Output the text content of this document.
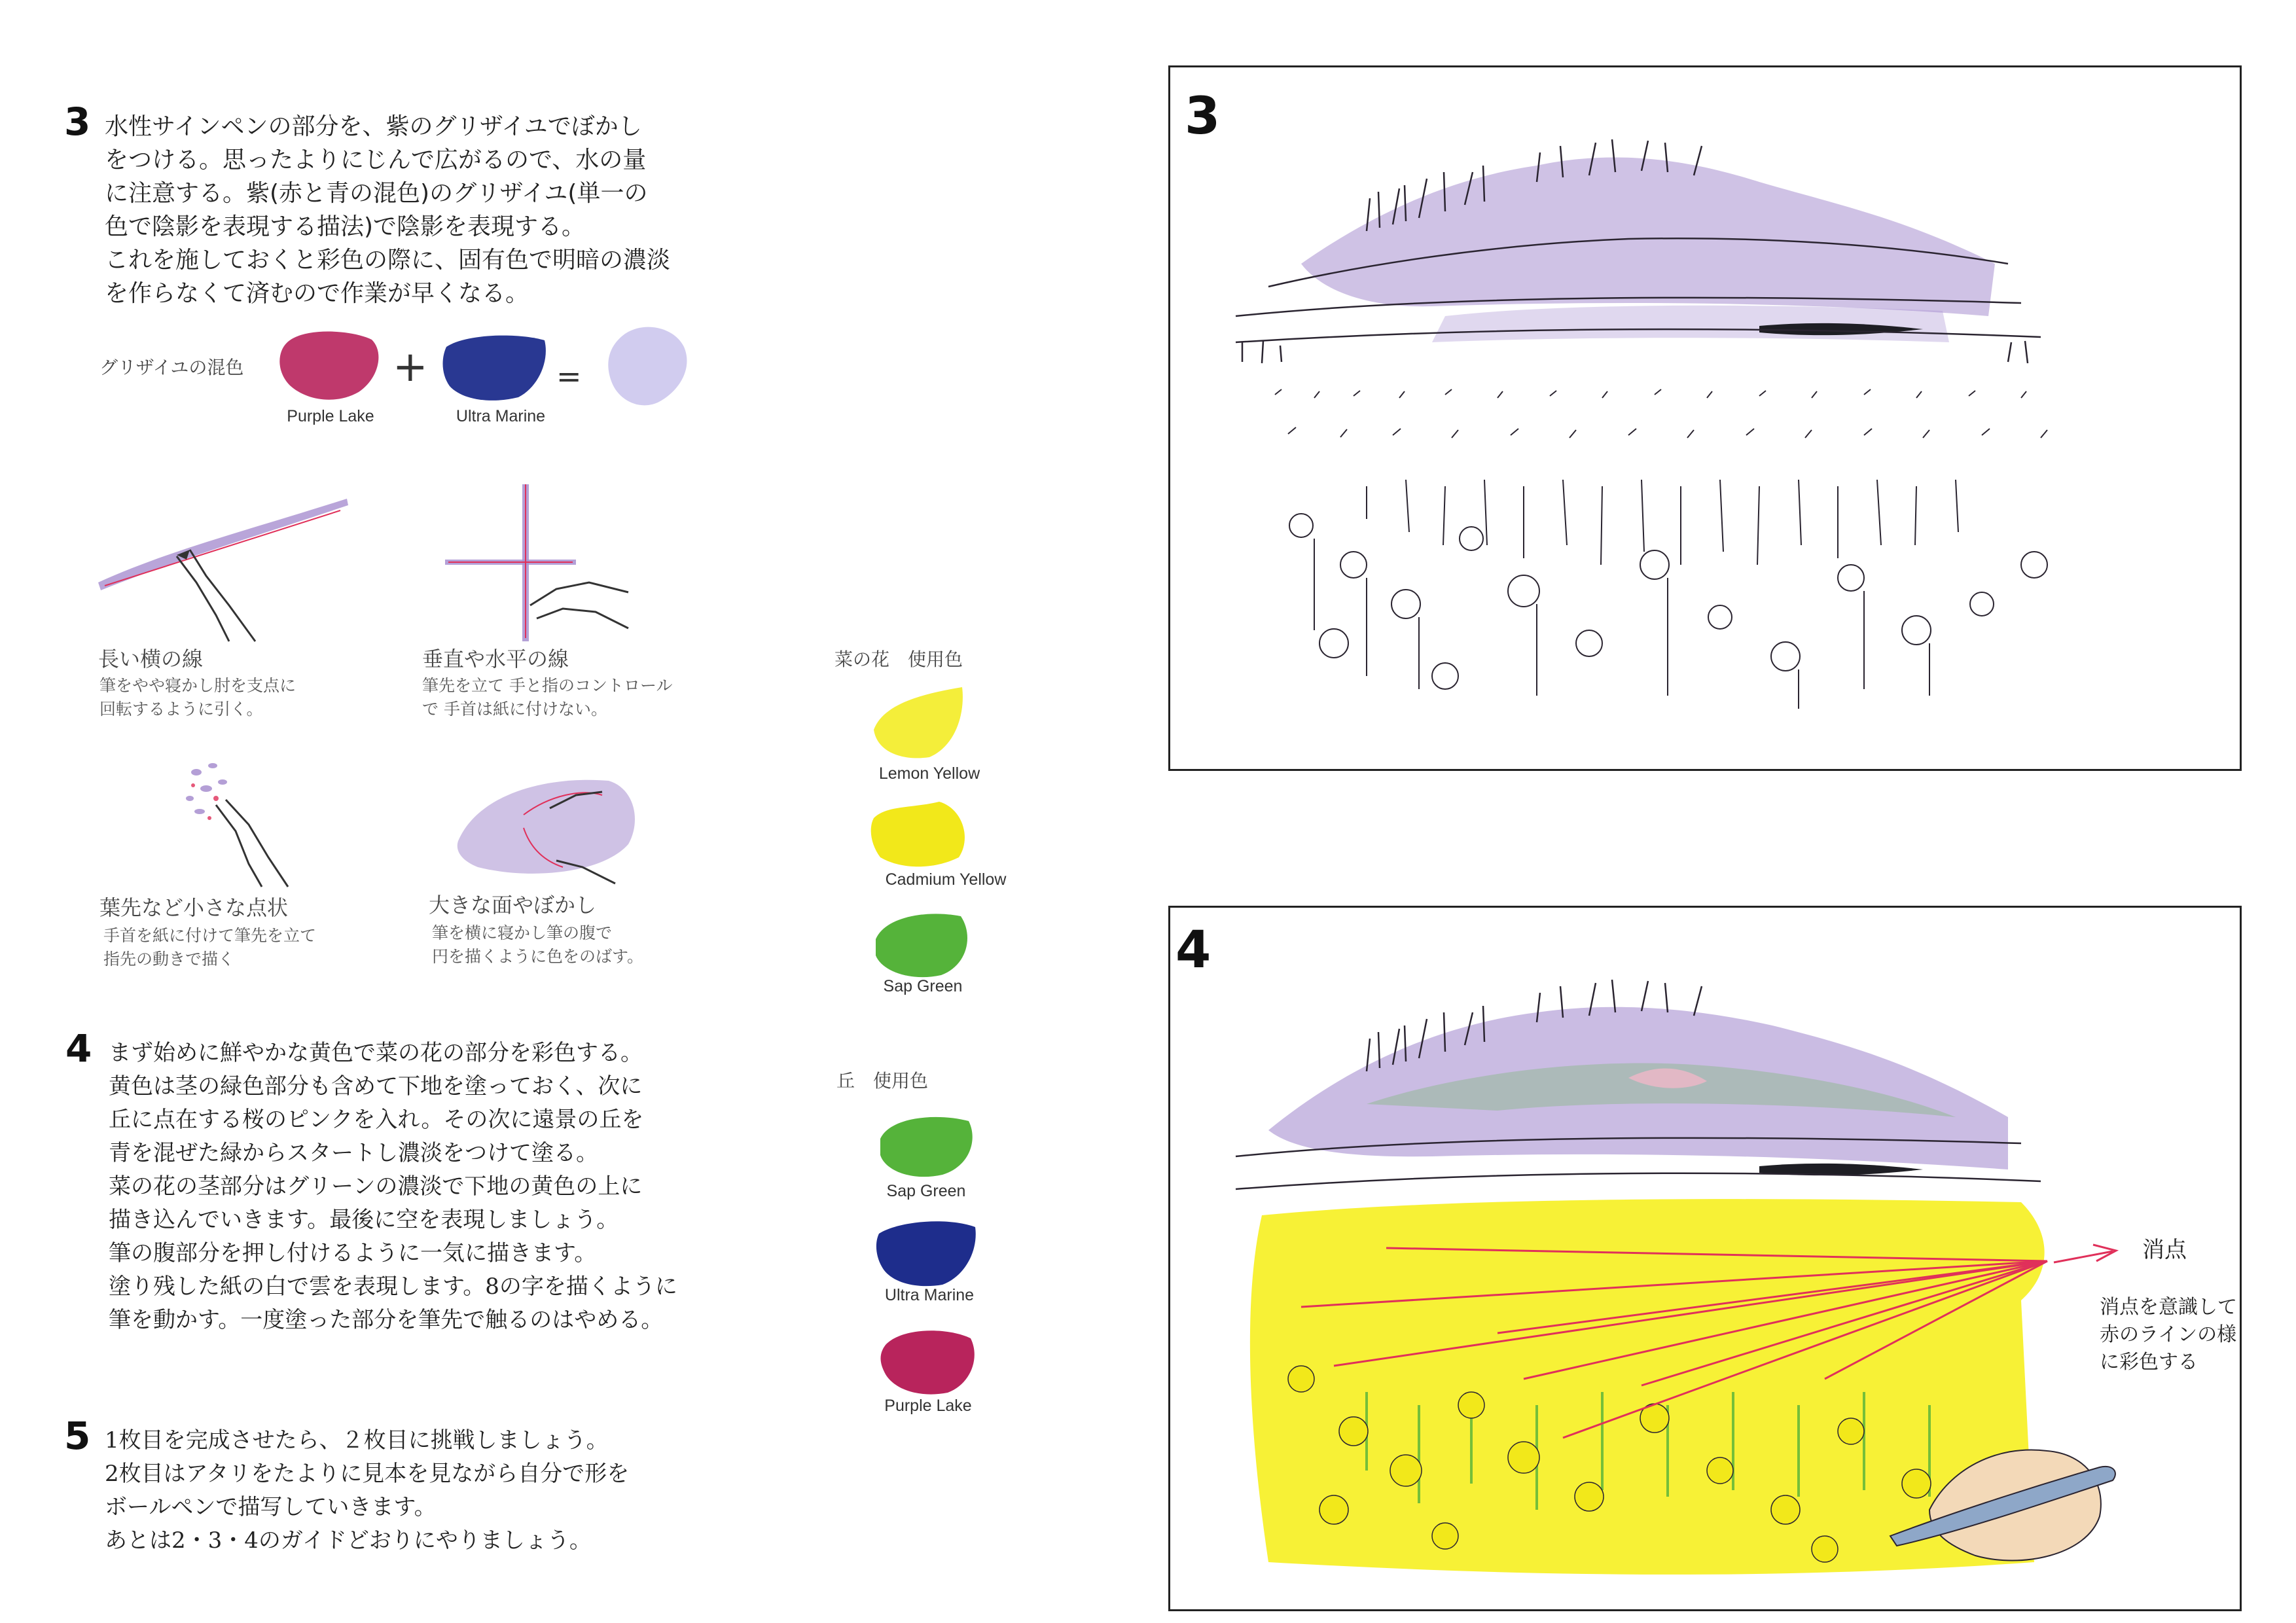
3 水性サインペンの部分を、紫のグリザイユでぼかし
をつける。思ったよりにじんで広がるので、水の量
に注意する。紫(赤と青の混色)のグリザイユ(単一の
色で陰影を表現する描法)で陰影を表現する。
これを施しておくと彩色の際に、固有色で明暗の濃淡
を作らなくて済むので作業が早くなる。
グリザイユの混色
Purple Lake
+
Ultra Marine
=
長い横の線
筆をやや寝かし肘を支点に
回転するように引く。
垂直や水平の線
筆先を立て 手と指のコントロール
で 手首は紙に付けない。
葉先など小さな点状
手首を紙に付けて筆先を立て
指先の動きで描く
大きな面やぼかし
筆を横に寝かし筆の腹で
円を描くように色をのばす。
菜の花　使用色
Lemon Yellow
Cadmium Yellow
Sap Green
4 まず始めに鮮やかな黄色で菜の花の部分を彩色する。
黄色は茎の緑色部分も含めて下地を塗っておく、次に
丘に点在する桜のピンクを入れ。その次に遠景の丘を
青を混ぜた緑からスタートし濃淡をつけて塗る。
菜の花の茎部分はグリーンの濃淡で下地の黄色の上に
描き込んでいきます。最後に空を表現しましょう。
筆の腹部分を押し付けるように一気に描きます。
塗り残した紙の白で雲を表現します。8の字を描くように
筆を動かす。一度塗った部分を筆先で触るのはやめる。
丘　使用色
Sap Green
Ultra Marine
Purple Lake
5 1枚目を完成させたら、２枚目に挑戦しましょう。
2枚目はアタリをたよりに見本を見ながら自分で形を
ボールペンで描写していきます。
あとは2・3・4のガイドどおりにやりましょう。
3
4
消点
消点を意識して
赤のラインの様
に彩色する
